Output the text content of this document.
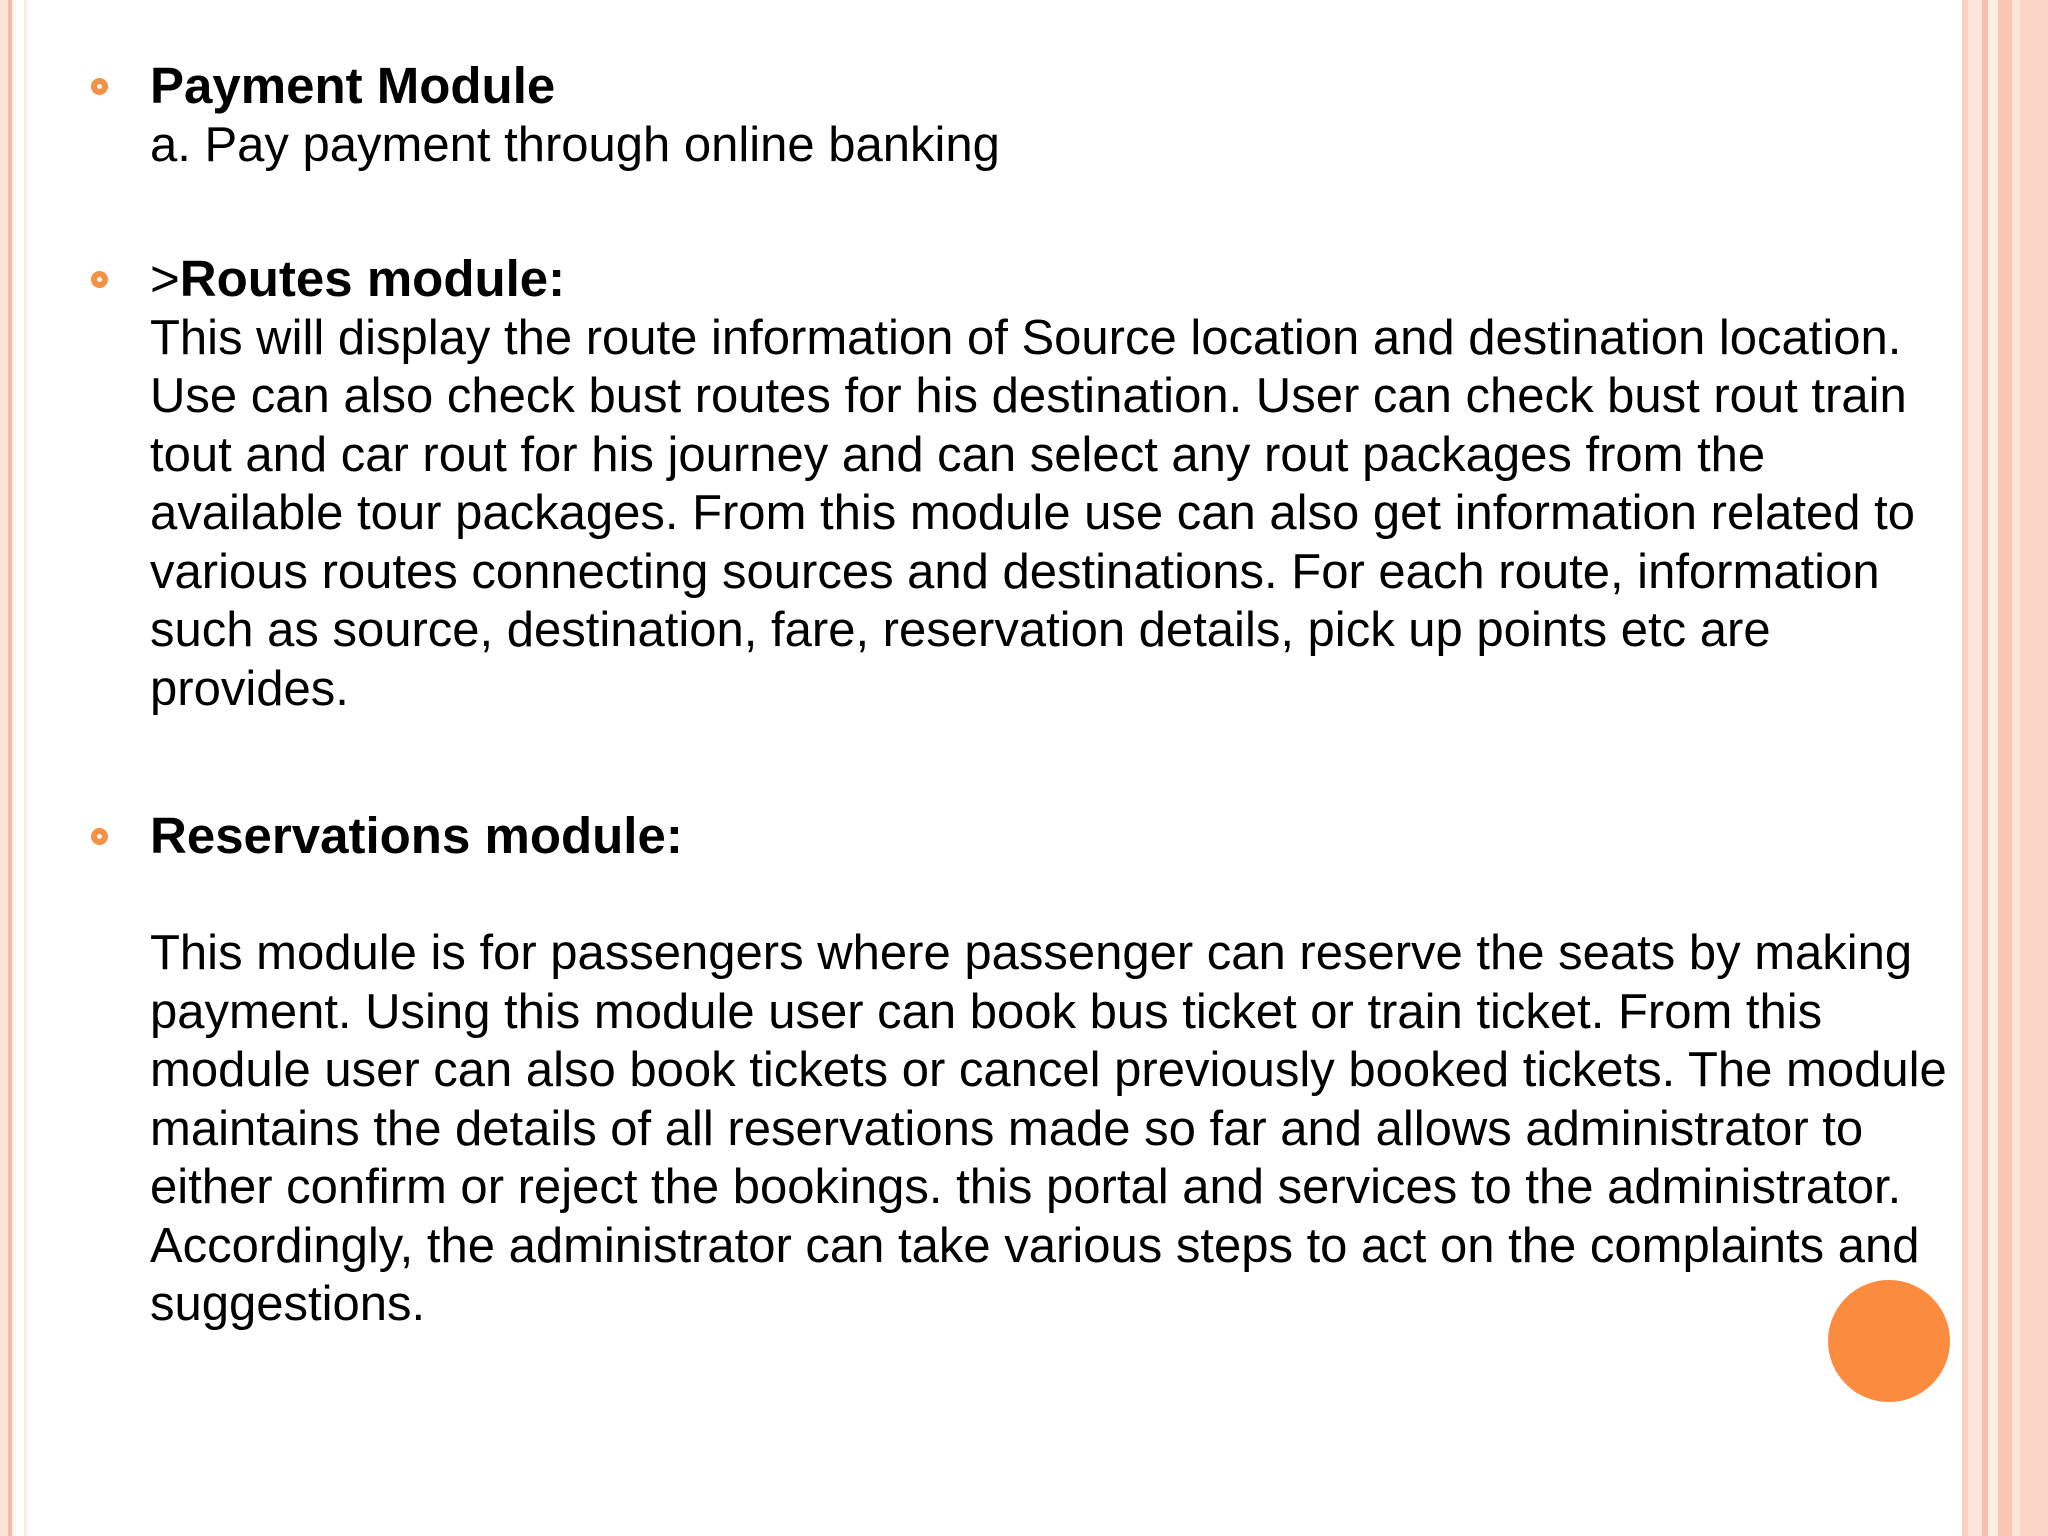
Payment Module

a. Pay payment through online banking

>Routes module:

This will display the route information of Source location and destination location. Use can also check bust routes for his destination. User can check bust rout train tout and car rout for his journey and can select any rout packages from the available tour packages. From this module use can also get information related to various routes connecting sources and destinations. For each route, information such as source, destination, fare, reservation details, pick up points etc are provides.

Reservations module:

This module is for passengers where passenger can reserve the seats by making payment. Using this module user can book bus ticket or train ticket. From this module user can also book tickets or cancel previously booked tickets. The module maintains the details of all reservations made so far and allows administrator to either confirm or reject the bookings. this portal and services to the administrator. Accordingly, the administrator can take various steps to act on the complaints and suggestions.
